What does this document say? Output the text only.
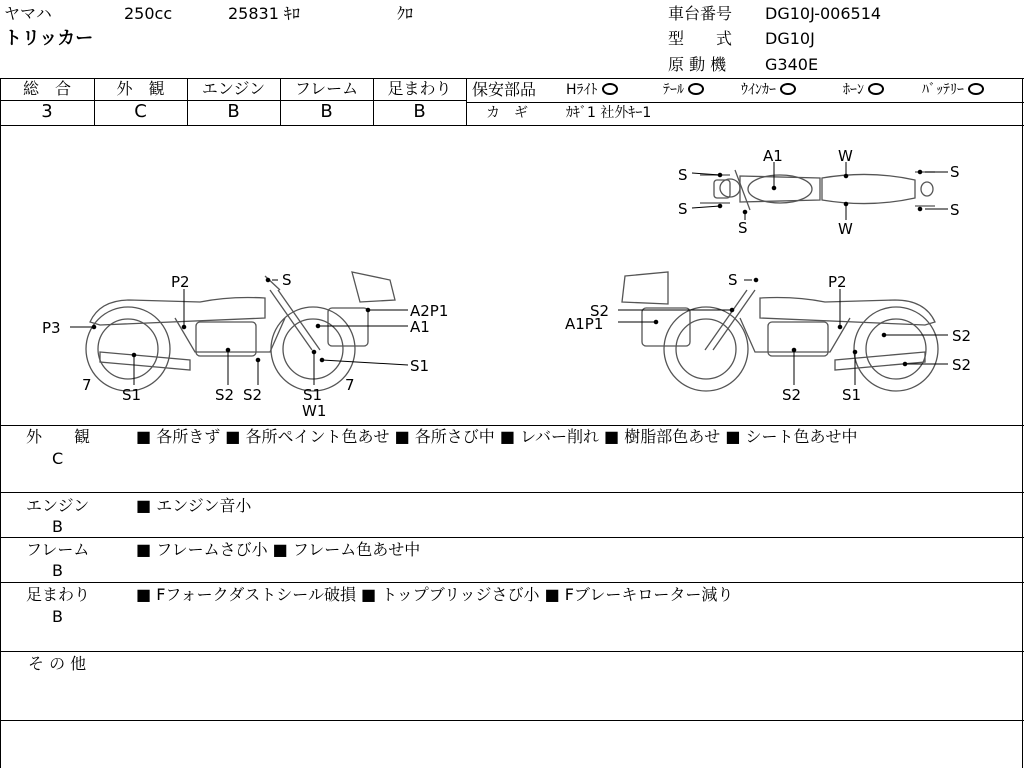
ヤマハ	250cc	25831 ｷﾛ	ｸﾛ
トリッカー
車台番号 DG10J-006514
型　　式 DG10J
原 動 機 G340E
総　合	外　観	エンジン	フレーム	足まわり
3	C	B	B	B
保安部品 Hﾗｲﾄ	ﾃｰﾙ	ｳｲﾝｶｰ	ﾎｰﾝ	ﾊﾞｯﾃﾘｰ
カ　ギ	ｶｷﾞ1 社外ｷｰ1
A1	W
S
S
S
S
S
W
P2	S
A2P1
P3	A1
S1
7
S1	S2 S2	S1
7
W1
S	P2
S2
A1P1
S2
S2
S2	S1
外　　観
C
■ 各所きず ■ 各所ペイント色あせ ■ 各所さび中 ■ レバー削れ ■ 樹脂部色あせ ■ シート色あせ中
エンジン
B
■ エンジン音小
フレーム
B
■ フレームさび小 ■ フレーム色あせ中
足まわり
B
■ Fフォークダストシール破損 ■ トップブリッジさび小 ■ Fブレーキローター減り
そ の 他
